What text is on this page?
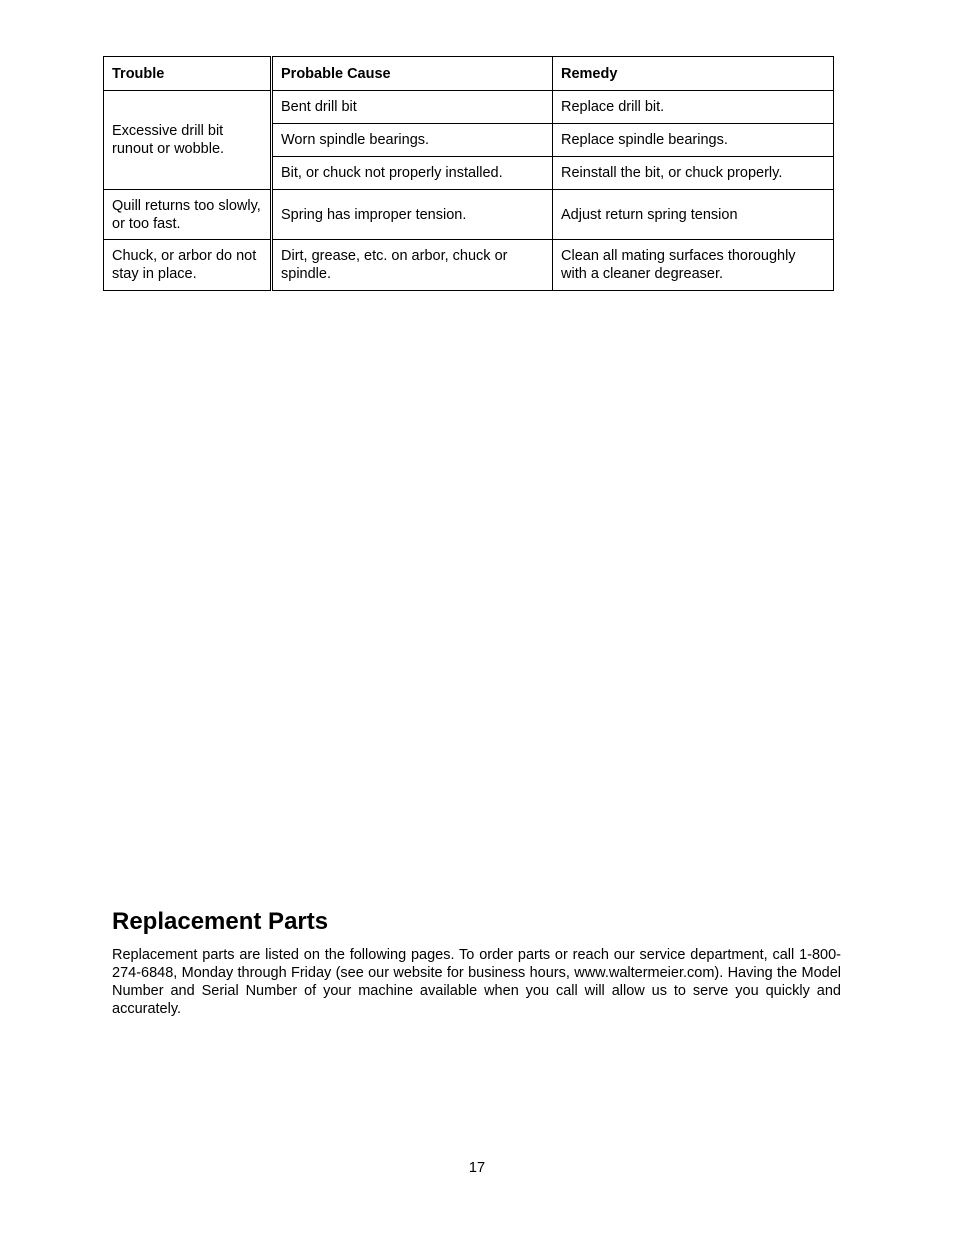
Trouble	Probable Cause	Remedy
Excessive drill bit runout or wobble.	Bent drill bit	Replace drill bit.
	Worn spindle bearings.	Replace spindle bearings.
	Bit, or chuck not properly installed.	Reinstall the bit, or chuck properly.
Quill returns too slowly, or too fast.	Spring has improper tension.	Adjust return spring tension
Chuck, or arbor do not stay in place.	Dirt, grease, etc. on arbor, chuck or spindle.	Clean all mating surfaces thoroughly with a cleaner degreaser.
Replacement Parts

Replacement parts are listed on the following pages. To order parts or reach our service department, call 1-800-274-6848, Monday through Friday (see our website for business hours, www.waltermeier.com). Having the Model Number and Serial Number of your machine available when you call will allow us to serve you quickly and accurately.

17
